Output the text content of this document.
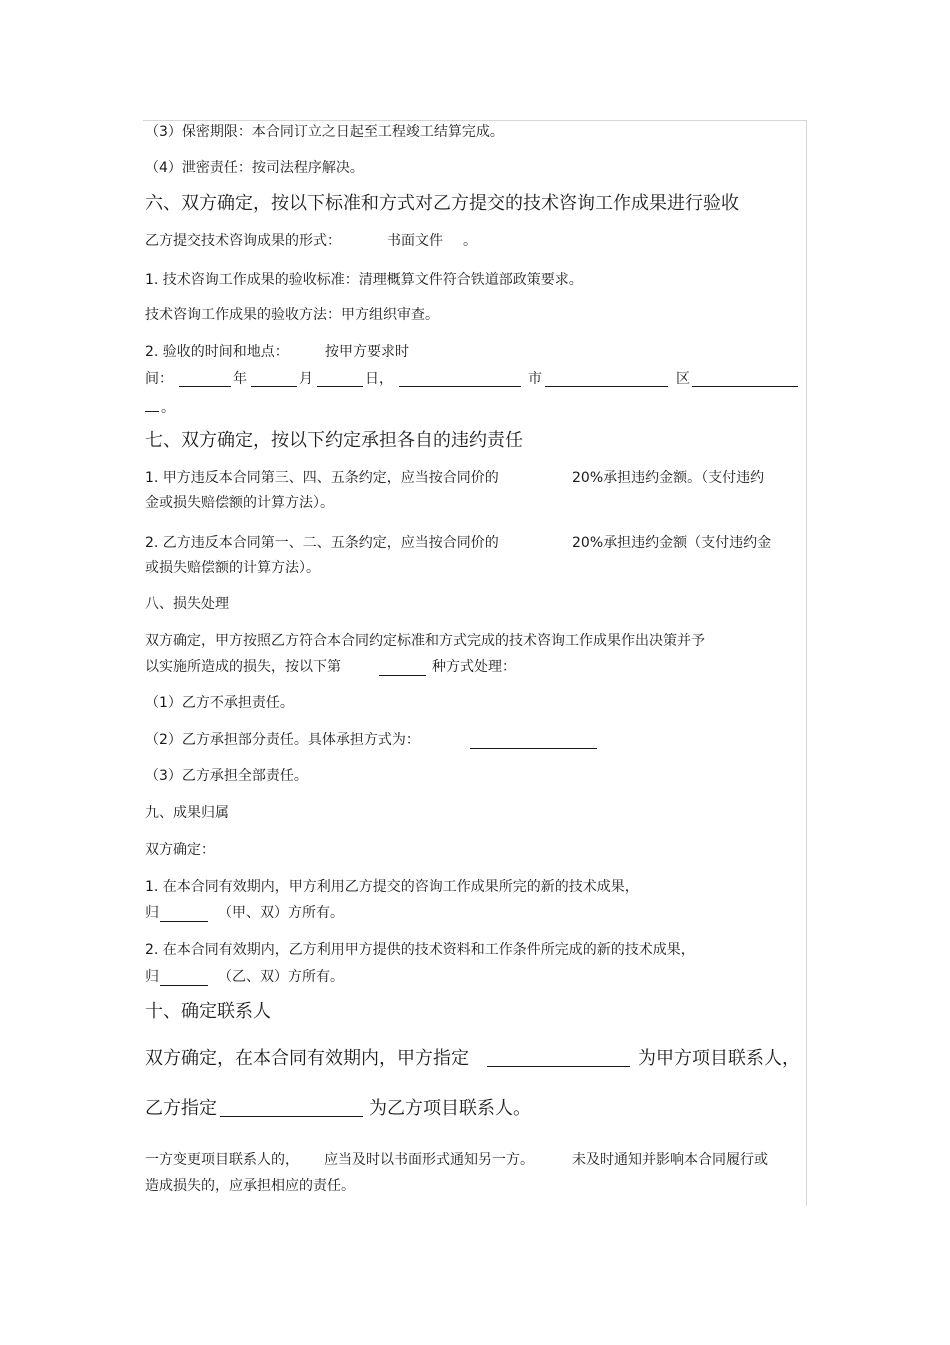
（3）保密期限：本合同订立之日起至工程竣工结算完成。
（4）泄密责任：按司法程序解决。
六、双方确定，按以下标准和方式对乙方提交的技术咨询工作成果进行验收
乙方提交技术咨询成果的形式：	书面文件 。
1. 技术咨询工作成果的验收标准：清理概算文件符合铁道部政策要求。
技术咨询工作成果的验收方法：甲方组织审查。
2. 验收的时间和地点：	按甲方要求时
间：	年	月	日，	市	区
。
七、双方确定，按以下约定承担各自的违约责任
1. 甲方违反本合同第三、四、五条约定，应当按合同价的	20%承担违约金额。（支付违约
金或损失赔偿额的计算方法）。
2. 乙方违反本合同第一、二、五条约定，应当按合同价的	20%承担违约金额（支付违约金
或损失赔偿额的计算方法）。
八、损失处理
双方确定，甲方按照乙方符合本合同约定标准和方式完成的技术咨询工作成果作出决策并予
以实施所造成的损失，按以下第	种方式处理：
（1）乙方不承担责任。
（2）乙方承担部分责任。具体承担方式为：
（3）乙方承担全部责任。
九、成果归属
双方确定：
1. 在本合同有效期内，甲方利用乙方提交的咨询工作成果所完的新的技术成果，
归	（甲、双）方所有。
2. 在本合同有效期内，乙方利用甲方提供的技术资料和工作条件所完成的新的技术成果，
归	（乙、双）方所有。
十、确定联系人
双方确定，在本合同有效期内，甲方指定	为甲方项目联系人，
乙方指定	为乙方项目联系人。
一方变更项目联系人的， 应当及时以书面形式通知另一方。	未及时通知并影响本合同履行或
造成损失的，应承担相应的责任。
